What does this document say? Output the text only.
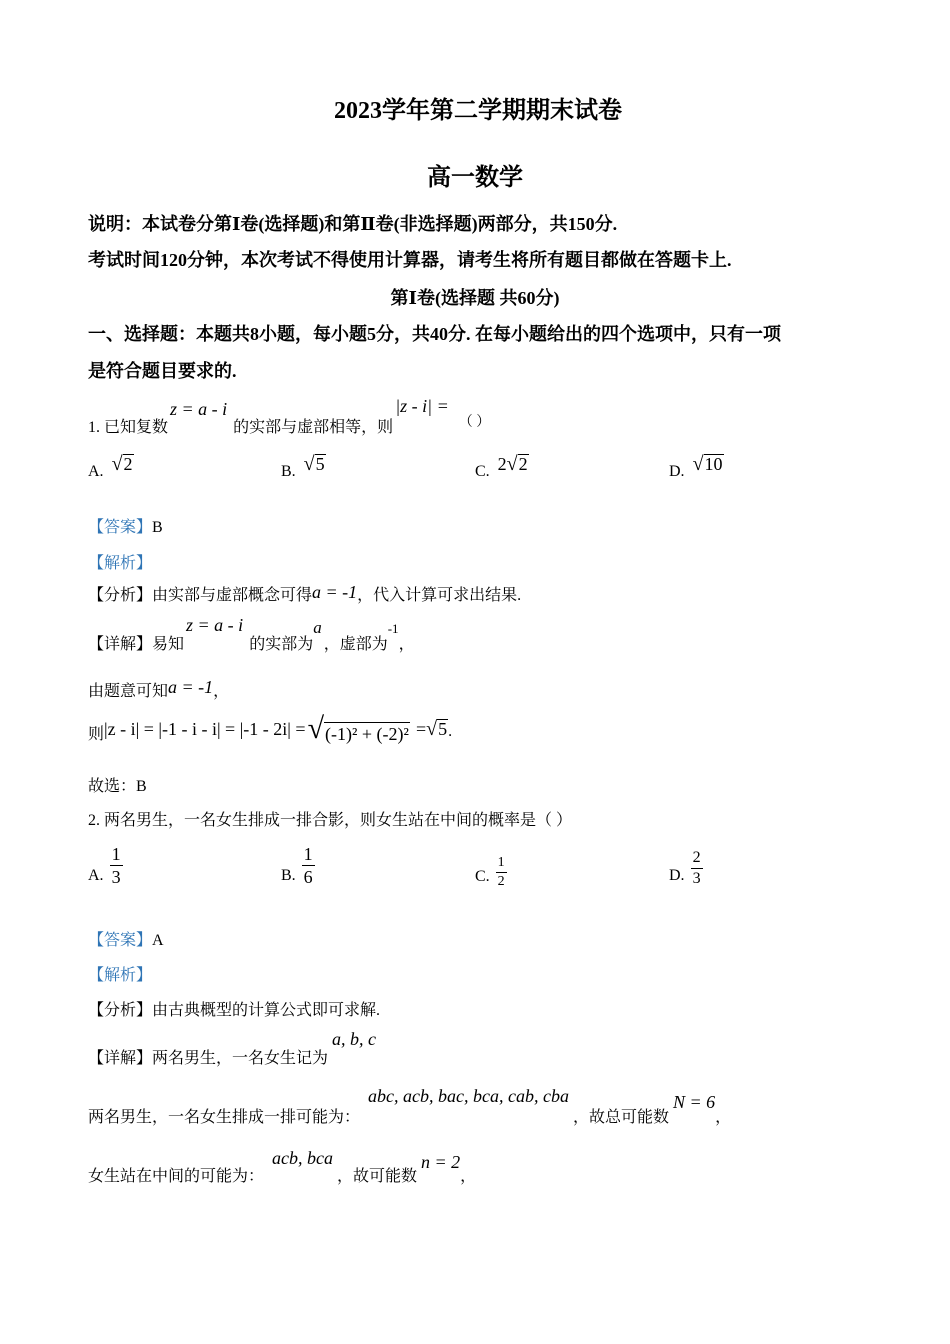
2023学年第二学期期末试卷
高一数学
说明：本试卷分第Ⅰ卷(选择题)和第Ⅱ卷(非选择题)两部分，共150分.
考试时间120分钟，本次考试不得使用计算器，请考生将所有题目都做在答题卡上.
第Ⅰ卷(选择题 共60分)
一、选择题：本题共8小题，每小题5分，共40分. 在每小题给出的四个选项中，只有一项
是符合题目要求的.
1. 已知复数
z = a - i
的实部与虚部相等，则
|z - i| =
（ ）
A. √ 2	B. √ 5	C. 2 √ 2	D. √ 10
【答案】B
【解析】
【分析】由实部与虚部概念可得a = -1，代入计算可求出结果.
【详解】 易知
z = a - i
的实部为
a
，虚部为
-1
，
由题意可知a = -1，
则 |z - i| = |-1 - i - i| = |-1 - 2i| = √ (-1)² + (-2)² = √ 5 .
故选：B
2. 两名男生，一名女生排成一排合影，则女生站在中间的概率是（ ）
A. $\frac{1}{3}$	B. $\frac{1}{6}$	C. $\frac{1}{2}$	D. $\frac{2}{3}$
【答案】A
【解析】
【分析】由古典概型的计算公式即可求解.
【详解】 两名男生，一名女生记为
a, b, c
两名男生，一名女生排成一排可能为：
abc, acb, bac, bca, cab, cba
，故总可能数
N = 6
，
女生站在中间的可能为：
acb, bca
，故可能数
n = 2
，
